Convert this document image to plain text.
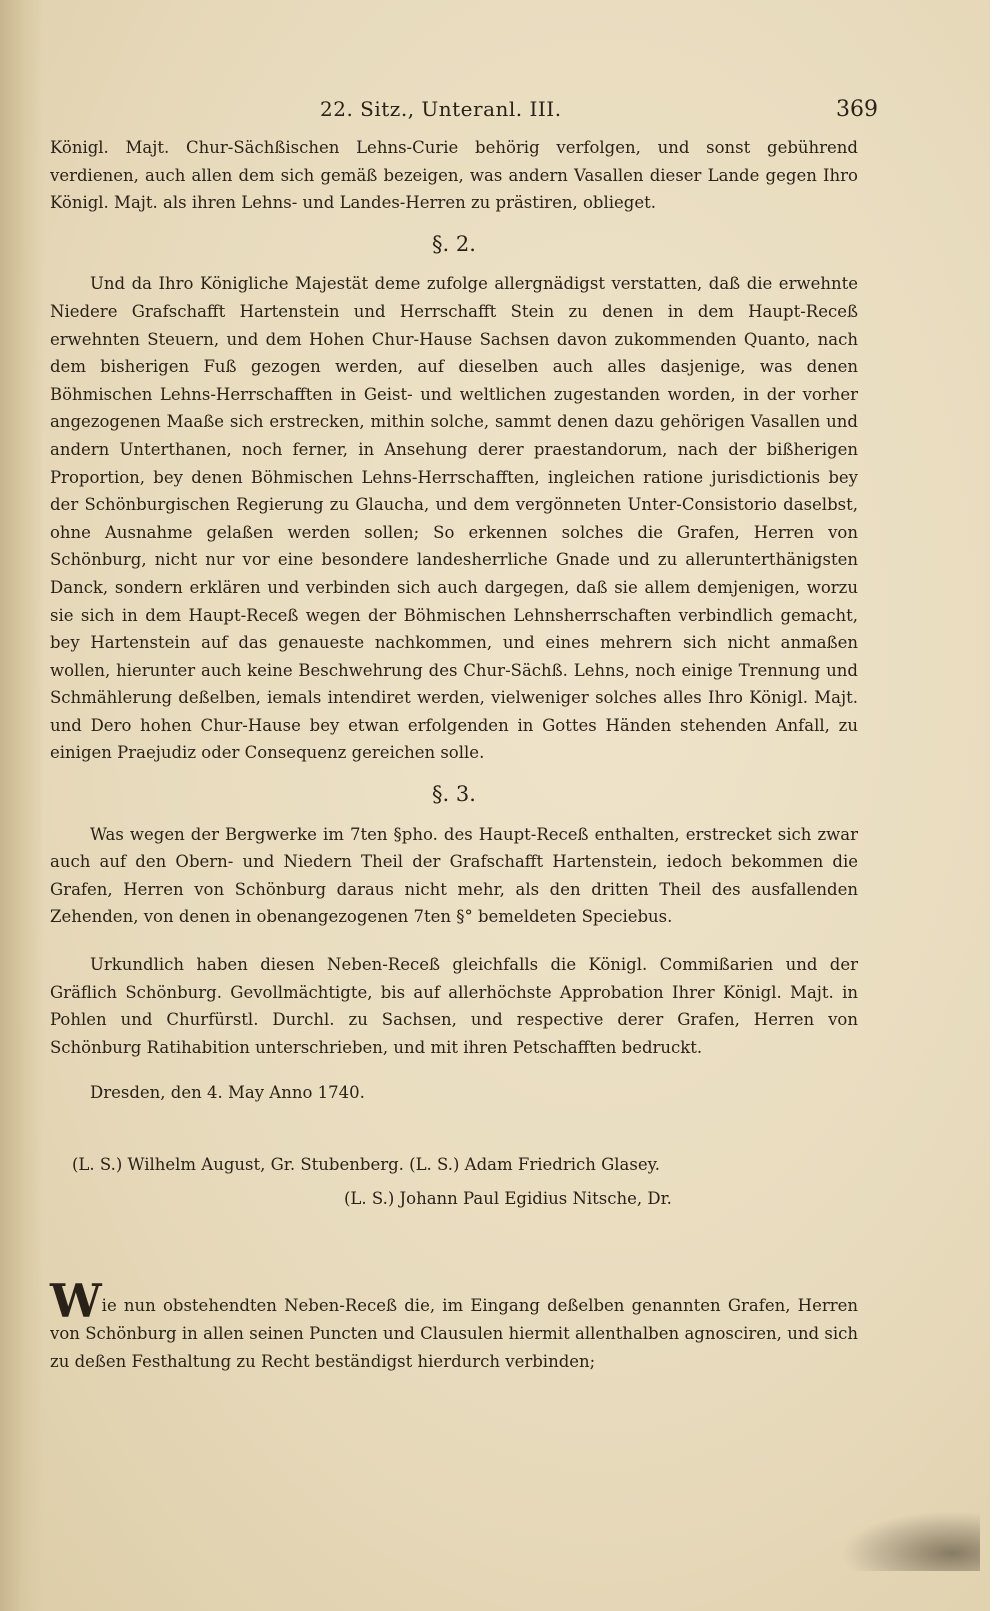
22. Sitz., Unteranl. III.	369

Königl. Majt. Chur-Sächßischen Lehns-Curie behörig verfolgen, und sonst gebührend verdienen, auch allen dem sich gemäß bezeigen, was andern Vasallen dieser Lande gegen Ihro Königl. Majt. als ihren Lehns- und Landes-Herren zu prästiren, oblieget.

§. 2.

Und da Ihro Königliche Majestät deme zufolge allergnädigst verstatten, daß die erwehnte Niedere Grafschafft Hartenstein und Herrschafft Stein zu denen in dem Haupt-Receß erwehnten Steuern, und dem Hohen Chur-Hause Sachsen davon zukommenden Quanto, nach dem bisherigen Fuß gezogen werden, auf dieselben auch alles dasjenige, was denen Böhmischen Lehns-Herrschafften in Geist- und weltlichen zugestanden worden, in der vorher angezogenen Maaße sich erstrecken, mithin solche, sammt denen dazu gehörigen Vasallen und andern Unterthanen, noch ferner, in Ansehung derer praestandorum, nach der bißherigen Proportion, bey denen Böhmischen Lehns-Herrschafften, ingleichen ratione jurisdictionis bey der Schönburgischen Regierung zu Glaucha, und dem vergönneten Unter-Consistorio daselbst, ohne Ausnahme gelaßen werden sollen; So erkennen solches die Grafen, Herren von Schönburg, nicht nur vor eine besondere landesherrliche Gnade und zu allerunterthänigsten Danck, sondern erklären und verbinden sich auch dargegen, daß sie allem demjenigen, worzu sie sich in dem Haupt-Receß wegen der Böhmischen Lehnsherrschaften verbindlich gemacht, bey Hartenstein auf das genaueste nachkommen, und eines mehrern sich nicht anmaßen wollen, hierunter auch keine Beschwehrung des Chur-Sächß. Lehns, noch einige Trennung und Schmählerung deßelben, iemals intendiret werden, vielweniger solches alles Ihro Königl. Majt. und Dero hohen Chur-Hause bey etwan erfolgenden in Gottes Händen stehenden Anfall, zu einigen Praejudiz oder Consequenz gereichen solle.

§. 3.

Was wegen der Bergwerke im 7ten §pho. des Haupt-Receß enthalten, erstrecket sich zwar auch auf den Obern- und Niedern Theil der Grafschafft Hartenstein, iedoch bekommen die Grafen, Herren von Schönburg daraus nicht mehr, als den dritten Theil des ausfallenden Zehenden, von denen in obenangezogenen 7ten §° bemeldeten Speciebus.

Urkundlich haben diesen Neben-Receß gleichfalls die Königl. Commißarien und der Gräflich Schönburg. Gevollmächtigte, bis auf allerhöchste Approbation Ihrer Königl. Majt. in Pohlen und Churfürstl. Durchl. zu Sachsen, und respective derer Grafen, Herren von Schönburg Ratihabition unterschrieben, und mit ihren Petschafften bedruckt.

Dresden, den 4. May Anno 1740.

(L. S.) Wilhelm August, Gr. Stubenberg. (L. S.) Adam Friedrich Glasey.

(L. S.) Johann Paul Egidius Nitsche, Dr.

Wie nun obstehendten Neben-Receß die, im Eingang deßelben genannten Grafen, Herren von Schönburg in allen seinen Puncten und Clausulen hiermit allenthalben agnosciren, und sich zu deßen Festhaltung zu Recht beständigst hierdurch verbinden;
